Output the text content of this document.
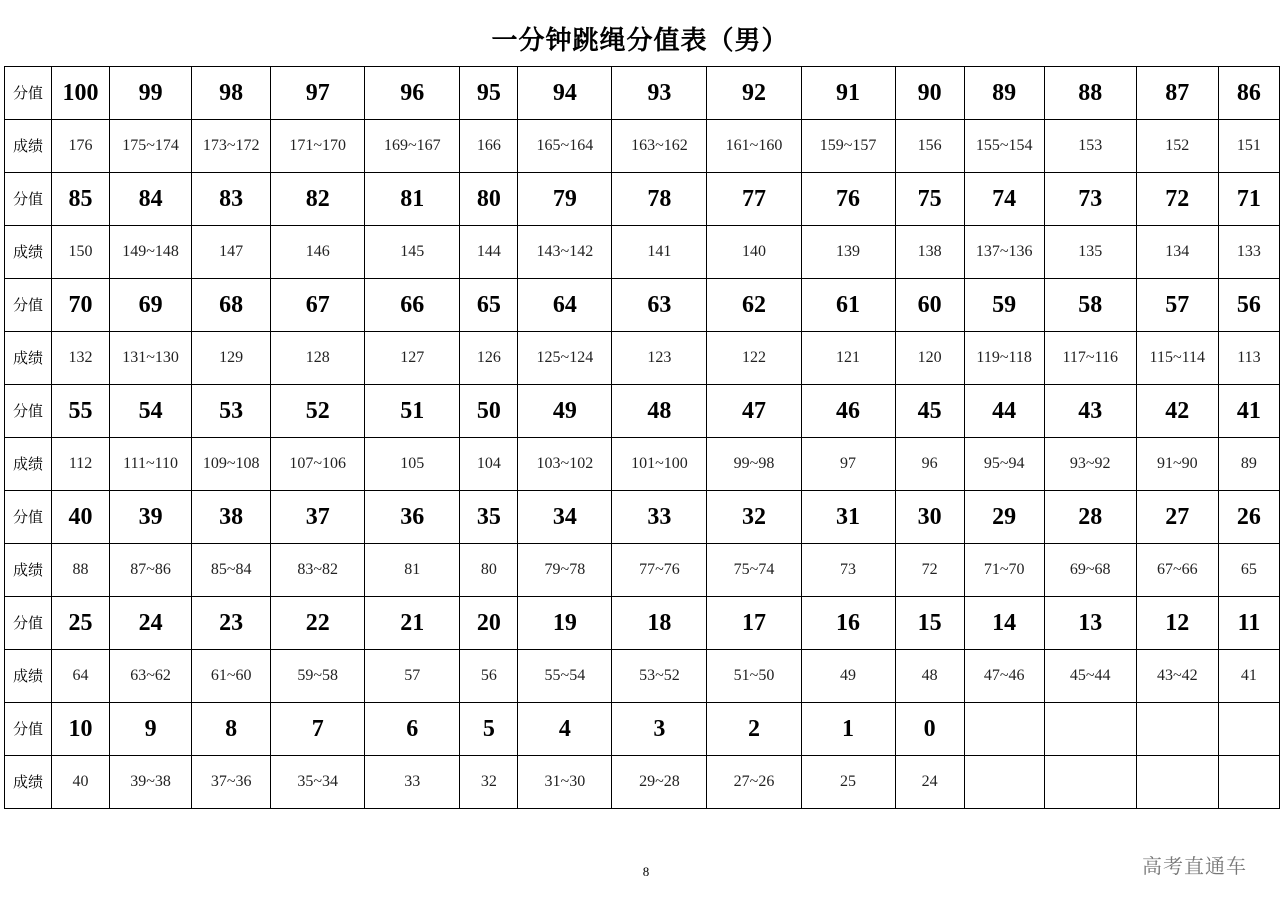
一分钟跳绳分值表（男）
分值	100	99	98	97	96	95	94	93	92	91	90	89	88	87	86
成绩	176	175~174	173~172	171~170	169~167	166	165~164	163~162	161~160	159~157	156	155~154	153	152	151
分值	85	84	83	82	81	80	79	78	77	76	75	74	73	72	71
成绩	150	149~148	147	146	145	144	143~142	141	140	139	138	137~136	135	134	133
分值	70	69	68	67	66	65	64	63	62	61	60	59	58	57	56
成绩	132	131~130	129	128	127	126	125~124	123	122	121	120	119~118	117~116	115~114	113
分值	55	54	53	52	51	50	49	48	47	46	45	44	43	42	41
成绩	112	111~110	109~108	107~106	105	104	103~102	101~100	99~98	97	96	95~94	93~92	91~90	89
分值	40	39	38	37	36	35	34	33	32	31	30	29	28	27	26
成绩	88	87~86	85~84	83~82	81	80	79~78	77~76	75~74	73	72	71~70	69~68	67~66	65
分值	25	24	23	22	21	20	19	18	17	16	15	14	13	12	11
成绩	64	63~62	61~60	59~58	57	56	55~54	53~52	51~50	49	48	47~46	45~44	43~42	41
分值	10	9	8	7	6	5	4	3	2	1	0				
成绩	40	39~38	37~36	35~34	33	32	31~30	29~28	27~26	25	24				
8	高考直通车
